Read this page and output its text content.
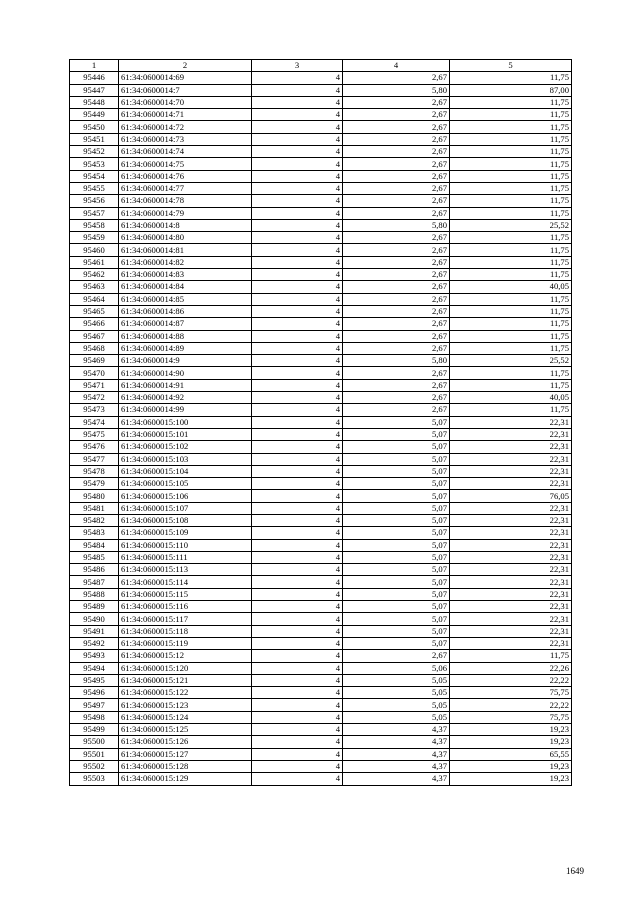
1	2	3	4	5
95446	61:34:0600014:69	4	2,67	11,75
95447	61:34:0600014:7	4	5,80	87,00
95448	61:34:0600014:70	4	2,67	11,75
95449	61:34:0600014:71	4	2,67	11,75
95450	61:34:0600014:72	4	2,67	11,75
95451	61:34:0600014:73	4	2,67	11,75
95452	61:34:0600014:74	4	2,67	11,75
95453	61:34:0600014:75	4	2,67	11,75
95454	61:34:0600014:76	4	2,67	11,75
95455	61:34:0600014:77	4	2,67	11,75
95456	61:34:0600014:78	4	2,67	11,75
95457	61:34:0600014:79	4	2,67	11,75
95458	61:34:0600014:8	4	5,80	25,52
95459	61:34:0600014:80	4	2,67	11,75
95460	61:34:0600014:81	4	2,67	11,75
95461	61:34:0600014:82	4	2,67	11,75
95462	61:34:0600014:83	4	2,67	11,75
95463	61:34:0600014:84	4	2,67	40,05
95464	61:34:0600014:85	4	2,67	11,75
95465	61:34:0600014:86	4	2,67	11,75
95466	61:34:0600014:87	4	2,67	11,75
95467	61:34:0600014:88	4	2,67	11,75
95468	61:34:0600014:89	4	2,67	11,75
95469	61:34:0600014:9	4	5,80	25,52
95470	61:34:0600014:90	4	2,67	11,75
95471	61:34:0600014:91	4	2,67	11,75
95472	61:34:0600014:92	4	2,67	40,05
95473	61:34:0600014:99	4	2,67	11,75
95474	61:34:0600015:100	4	5,07	22,31
95475	61:34:0600015:101	4	5,07	22,31
95476	61:34:0600015:102	4	5,07	22,31
95477	61:34:0600015:103	4	5,07	22,31
95478	61:34:0600015:104	4	5,07	22,31
95479	61:34:0600015:105	4	5,07	22,31
95480	61:34:0600015:106	4	5,07	76,05
95481	61:34:0600015:107	4	5,07	22,31
95482	61:34:0600015:108	4	5,07	22,31
95483	61:34:0600015:109	4	5,07	22,31
95484	61:34:0600015:110	4	5,07	22,31
95485	61:34:0600015:111	4	5,07	22,31
95486	61:34:0600015:113	4	5,07	22,31
95487	61:34:0600015:114	4	5,07	22,31
95488	61:34:0600015:115	4	5,07	22,31
95489	61:34:0600015:116	4	5,07	22,31
95490	61:34:0600015:117	4	5,07	22,31
95491	61:34:0600015:118	4	5,07	22,31
95492	61:34:0600015:119	4	5,07	22,31
95493	61:34:0600015:12	4	2,67	11,75
95494	61:34:0600015:120	4	5,06	22,26
95495	61:34:0600015:121	4	5,05	22,22
95496	61:34:0600015:122	4	5,05	75,75
95497	61:34:0600015:123	4	5,05	22,22
95498	61:34:0600015:124	4	5,05	75,75
95499	61:34:0600015:125	4	4,37	19,23
95500	61:34:0600015:126	4	4,37	19,23
95501	61:34:0600015:127	4	4,37	65,55
95502	61:34:0600015:128	4	4,37	19,23
95503	61:34:0600015:129	4	4,37	19,23
1649
